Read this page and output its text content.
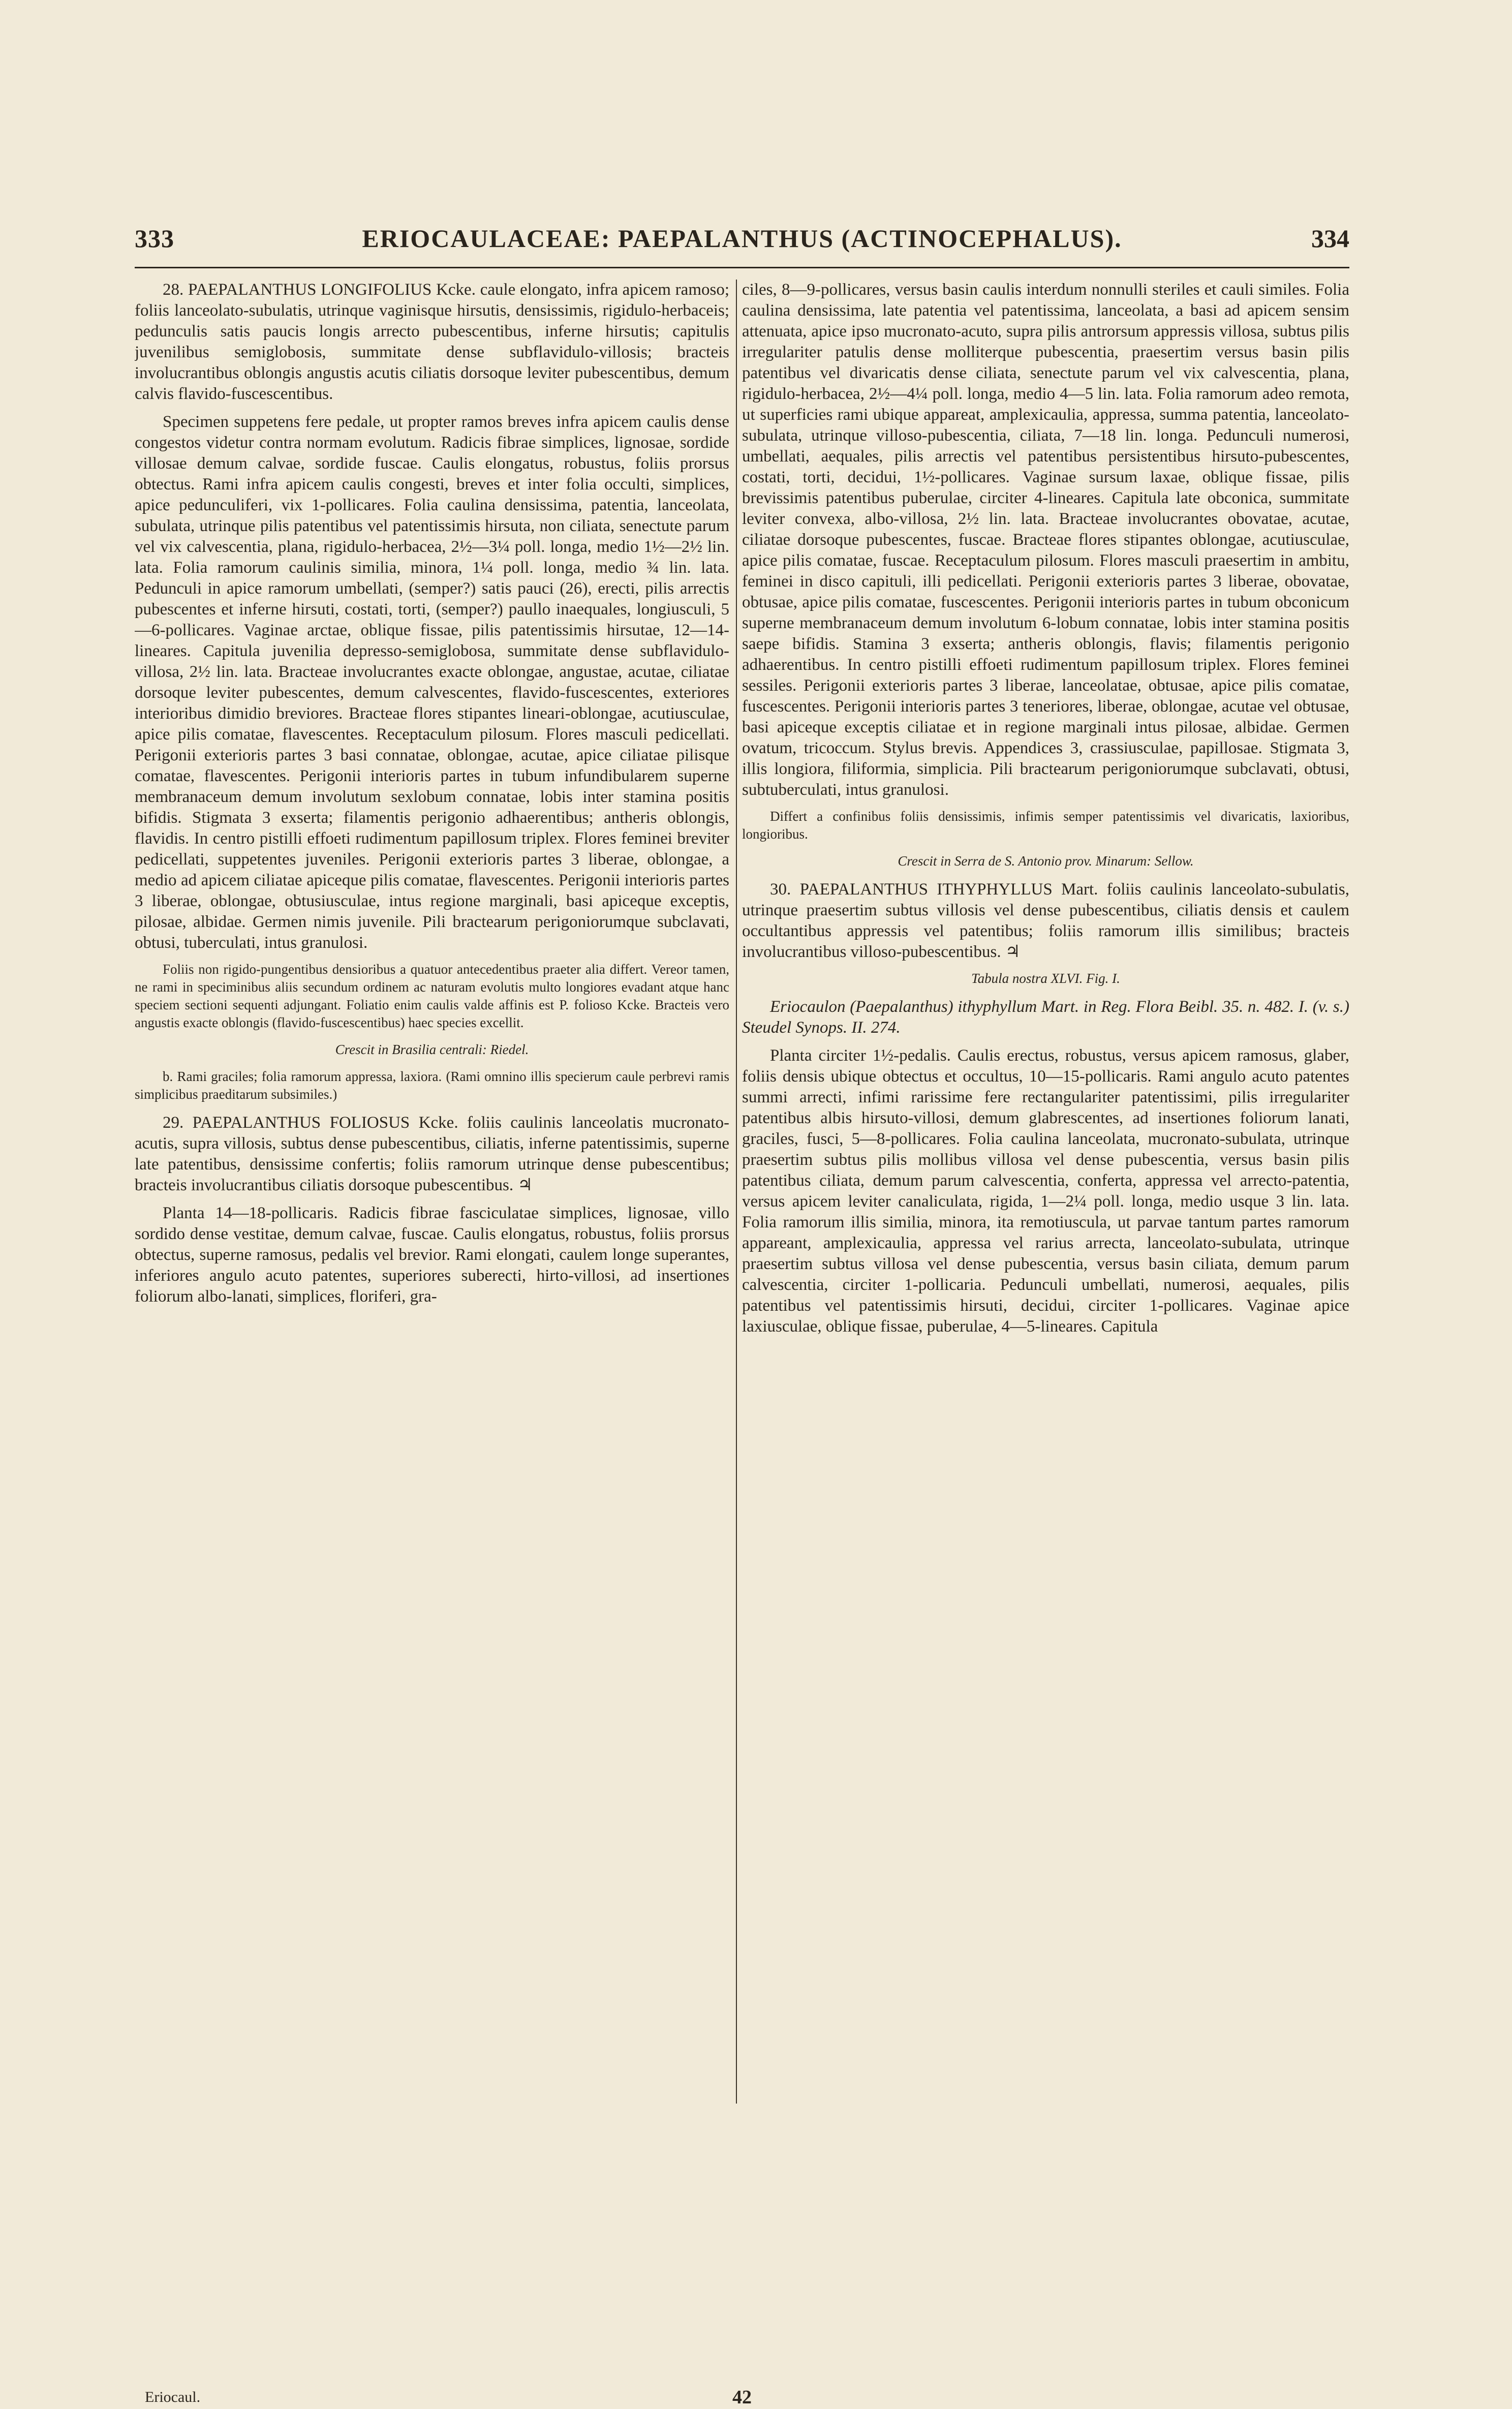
333	ERIOCAULACEAE: PAEPALANTHUS (ACTINOCEPHALUS).	334

28. PAEPALANTHUS LONGIFOLIUS Kcke. caule elongato, infra apicem ramoso; foliis lanceolato-subulatis, utrinque vaginisque hirsutis, densissimis, rigidulo-herbaceis; pedunculis satis paucis longis arrecto pubescentibus, inferne hirsutis; capitulis juvenilibus semiglobosis, summitate dense subflavidulo-villosis; bracteis involucrantibus oblongis angustis acutis ciliatis dorsoque leviter pubescentibus, demum calvis flavido-fuscescentibus.

Specimen suppetens fere pedale, ut propter ramos breves infra apicem caulis dense congestos videtur contra normam evolutum. Radicis fibrae simplices, lignosae, sordide villosae demum calvae, sordide fuscae. Caulis elongatus, robustus, foliis prorsus obtectus. Rami infra apicem caulis congesti, breves et inter folia occulti, simplices, apice pedunculiferi, vix 1-pollicares. Folia caulina densissima, patentia, lanceolata, subulata, utrinque pilis patentibus vel patentissimis hirsuta, non ciliata, senectute parum vel vix calvescentia, plana, rigidulo-herbacea, 2½—3¼ poll. longa, medio 1½—2½ lin. lata. Folia ramorum caulinis similia, minora, 1¼ poll. longa, medio ¾ lin. lata. Pedunculi in apice ramorum umbellati, (semper?) satis pauci (26), erecti, pilis arrectis pubescentes et inferne hirsuti, costati, torti, (semper?) paullo inaequales, longiusculi, 5—6-pollicares. Vaginae arctae, oblique fissae, pilis patentissimis hirsutae, 12—14-lineares. Capitula juvenilia depresso-semiglobosa, summitate dense subflavidulo-villosa, 2½ lin. lata. Bracteae involucrantes exacte oblongae, angustae, acutae, ciliatae dorsoque leviter pubescentes, demum calvescentes, flavido-fuscescentes, exteriores interioribus dimidio breviores. Bracteae flores stipantes lineari-oblongae, acutiusculae, apice pilis comatae, flavescentes. Receptaculum pilosum. Flores masculi pedicellati. Perigonii exterioris partes 3 basi connatae, oblongae, acutae, apice ciliatae pilisque comatae, flavescentes. Perigonii interioris partes in tubum infundibularem superne membranaceum demum involutum sexlobum connatae, lobis inter stamina positis bifidis. Stigmata 3 exserta; filamentis perigonio adhaerentibus; antheris oblongis, flavidis. In centro pistilli effoeti rudimentum papillosum triplex. Flores feminei breviter pedicellati, suppetentes juveniles. Perigonii exterioris partes 3 liberae, oblongae, a medio ad apicem ciliatae apiceque pilis comatae, flavescentes. Perigonii interioris partes 3 liberae, oblongae, obtusiusculae, intus regione marginali, basi apiceque exceptis, pilosae, albidae. Germen nimis juvenile. Pili bractearum perigoniorumque subclavati, obtusi, tuberculati, intus granulosi.

Foliis non rigido-pungentibus densioribus a quatuor antecedentibus praeter alia differt. Vereor tamen, ne rami in speciminibus aliis secundum ordinem ac naturam evolutis multo longiores evadant atque hanc speciem sectioni sequenti adjungant. Foliatio enim caulis valde affinis est P. folioso Kcke. Bracteis vero angustis exacte oblongis (flavido-fuscescentibus) haec species excellit.

Crescit in Brasilia centrali: Riedel.

b. Rami graciles; folia ramorum appressa, laxiora. (Rami omnino illis specierum caule perbrevi ramis simplicibus praeditarum subsimiles.)

29. PAEPALANTHUS FOLIOSUS Kcke. foliis caulinis lanceolatis mucronato-acutis, supra villosis, subtus dense pubescentibus, ciliatis, inferne patentissimis, superne late patentibus, densissime confertis; foliis ramorum utrinque dense pubescentibus; bracteis involucrantibus ciliatis dorsoque pubescentibus. ♃

Planta 14—18-pollicaris. Radicis fibrae fasciculatae simplices, lignosae, villo sordido dense vestitae, demum calvae, fuscae. Caulis elongatus, robustus, foliis prorsus obtectus, superne ramosus, pedalis vel brevior. Rami elongati, caulem longe superantes, inferiores angulo acuto patentes, superiores suberecti, hirto-villosi, ad insertiones foliorum albo-lanati, simplices, floriferi, gra-

ciles, 8—9-pollicares, versus basin caulis interdum nonnulli steriles et cauli similes. Folia caulina densissima, late patentia vel patentissima, lanceolata, a basi ad apicem sensim attenuata, apice ipso mucronato-acuto, supra pilis antrorsum appressis villosa, subtus pilis irregulariter patulis dense molliterque pubescentia, praesertim versus basin pilis patentibus vel divaricatis dense ciliata, senectute parum vel vix calvescentia, plana, rigidulo-herbacea, 2½—4¼ poll. longa, medio 4—5 lin. lata. Folia ramorum adeo remota, ut superficies rami ubique appareat, amplexicaulia, appressa, summa patentia, lanceolato-subulata, utrinque villoso-pubescentia, ciliata, 7—18 lin. longa. Pedunculi numerosi, umbellati, aequales, pilis arrectis vel patentibus persistentibus hirsuto-pubescentes, costati, torti, decidui, 1½-pollicares. Vaginae sursum laxae, oblique fissae, pilis brevissimis patentibus puberulae, circiter 4-lineares. Capitula late obconica, summitate leviter convexa, albo-villosa, 2½ lin. lata. Bracteae involucrantes obovatae, acutae, ciliatae dorsoque pubescentes, fuscae. Bracteae flores stipantes oblongae, acutiusculae, apice pilis comatae, fuscae. Receptaculum pilosum. Flores masculi praesertim in ambitu, feminei in disco capituli, illi pedicellati. Perigonii exterioris partes 3 liberae, obovatae, obtusae, apice pilis comatae, fuscescentes. Perigonii interioris partes in tubum obconicum superne membranaceum demum involutum 6-lobum connatae, lobis inter stamina positis saepe bifidis. Stamina 3 exserta; antheris oblongis, flavis; filamentis perigonio adhaerentibus. In centro pistilli effoeti rudimentum papillosum triplex. Flores feminei sessiles. Perigonii exterioris partes 3 liberae, lanceolatae, obtusae, apice pilis comatae, fuscescentes. Perigonii interioris partes 3 teneriores, liberae, oblongae, acutae vel obtusae, basi apiceque exceptis ciliatae et in regione marginali intus pilosae, albidae. Germen ovatum, tricoccum. Stylus brevis. Appendices 3, crassiusculae, papillosae. Stigmata 3, illis longiora, filiformia, simplicia. Pili bractearum perigoniorumque subclavati, obtusi, subtuberculati, intus granulosi.

Differt a confinibus foliis densissimis, infimis semper patentissimis vel divaricatis, laxioribus, longioribus.

Crescit in Serra de S. Antonio prov. Minarum: Sellow.

30. PAEPALANTHUS ITHYPHYLLUS Mart. foliis caulinis lanceolato-subulatis, utrinque praesertim subtus villosis vel dense pubescentibus, ciliatis densis et caulem occultantibus appressis vel patentibus; foliis ramorum illis similibus; bracteis involucrantibus villoso-pubescentibus. ♃

Tabula nostra XLVI. Fig. I.

Eriocaulon (Paepalanthus) ithyphyllum Mart. in Reg. Flora Beibl. 35. n. 482. I. (v. s.) Steudel Synops. II. 274.

Planta circiter 1½-pedalis. Caulis erectus, robustus, versus apicem ramosus, glaber, foliis densis ubique obtectus et occultus, 10—15-pollicaris. Rami angulo acuto patentes summi arrecti, infimi rarissime fere rectangulariter patentissimi, pilis irregulariter patentibus albis hirsuto-villosi, demum glabrescentes, ad insertiones foliorum lanati, graciles, fusci, 5—8-pollicares. Folia caulina lanceolata, mucronato-subulata, utrinque praesertim subtus pilis mollibus villosa vel dense pubescentia, versus basin pilis patentibus ciliata, demum parum calvescentia, conferta, appressa vel arrecto-patentia, versus apicem leviter canaliculata, rigida, 1—2¼ poll. longa, medio usque 3 lin. lata. Folia ramorum illis similia, minora, ita remotiuscula, ut parvae tantum partes ramorum appareant, amplexicaulia, appressa vel rarius arrecta, lanceolato-subulata, utrinque praesertim subtus villosa vel dense pubescentia, versus basin ciliata, demum parum calvescentia, circiter 1-pollicaria. Pedunculi umbellati, numerosi, aequales, pilis patentibus vel patentissimis hirsuti, decidui, circiter 1-pollicares. Vaginae apice laxiusculae, oblique fissae, puberulae, 4—5-lineares. Capitula

Eriocaul.	42
